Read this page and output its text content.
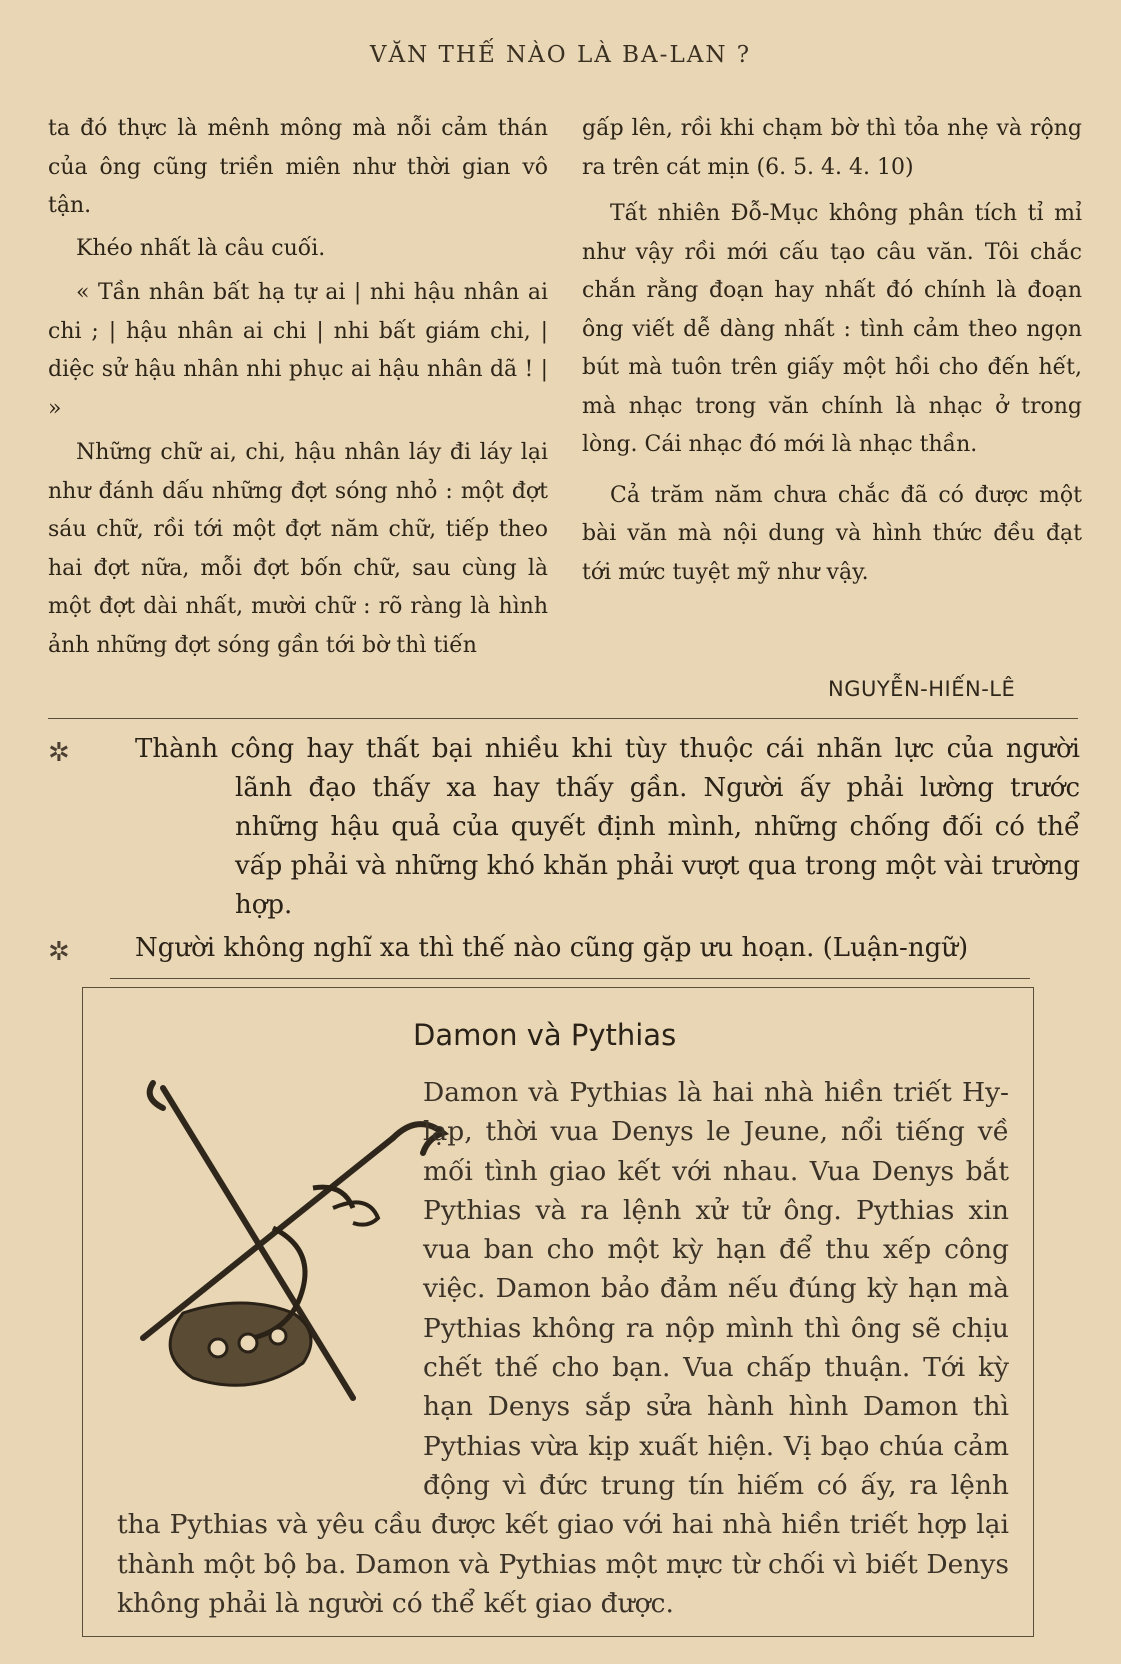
VĂN THẾ NÀO LÀ BA-LAN ?

ta đó thực là mênh mông mà nỗi cảm thán của ông cũng triền miên như thời gian vô tận.

Khéo nhất là câu cuối.

« Tần nhân bất hạ tự ai | nhi hậu nhân ai chi ; | hậu nhân ai chi | nhi bất giám chi, | diệc sử hậu nhân nhi phục ai hậu nhân dã ! | »

Những chữ ai, chi, hậu nhân láy đi láy lại như đánh dấu những đợt sóng nhỏ : một đợt sáu chữ, rồi tới một đợt năm chữ, tiếp theo hai đợt nữa, mỗi đợt bốn chữ, sau cùng là một đợt dài nhất, mười chữ : rõ ràng là hình ảnh những đợt sóng gần tới bờ thì tiến

gấp lên, rồi khi chạm bờ thì tỏa nhẹ và rộng ra trên cát mịn (6. 5. 4. 4. 10)

Tất nhiên Đỗ-Mục không phân tích tỉ mỉ như vậy rồi mới cấu tạo câu văn. Tôi chắc chắn rằng đoạn hay nhất đó chính là đoạn ông viết dễ dàng nhất : tình cảm theo ngọn bút mà tuôn trên giấy một hồi cho đến hết, mà nhạc trong văn chính là nhạc ở trong lòng. Cái nhạc đó mới là nhạc thần.

Cả trăm năm chưa chắc đã có được một bài văn mà nội dung và hình thức đều đạt tới mức tuyệt mỹ như vậy.

NGUYỄN-HIẾN-LÊ
✲	Thành công hay thất bại nhiều khi tùy thuộc cái nhãn lực của người lãnh đạo thấy xa hay thấy gần. Người ấy phải lường trước những hậu quả của quyết định mình, những chống đối có thể vấp phải và những khó khăn phải vượt qua trong một vài trường hợp.
✲	Người không nghĩ xa thì thế nào cũng gặp ưu hoạn. (Luận-ngữ)
Damon và Pythias
Damon và Pythias là hai nhà hiền triết Hy-lạp, thời vua Denys le Jeune, nổi tiếng về mối tình giao kết với nhau. Vua Denys bắt Pythias và ra lệnh xử tử ông. Pythias xin vua ban cho một kỳ hạn để thu xếp công việc. Damon bảo đảm nếu đúng kỳ hạn mà Pythias không ra nộp mình thì ông sẽ chịu chết thế cho bạn. Vua chấp thuận. Tới kỳ hạn Denys sắp sửa hành hình Damon thì Pythias vừa kịp xuất hiện. Vị bạo chúa cảm động vì đức trung tín hiếm có ấy, ra lệnh tha Pythias và yêu cầu được kết giao với hai nhà hiền triết hợp lại thành một bộ ba. Damon và Pythias một mực từ chối vì biết Denys không phải là người có thể kết giao được.
